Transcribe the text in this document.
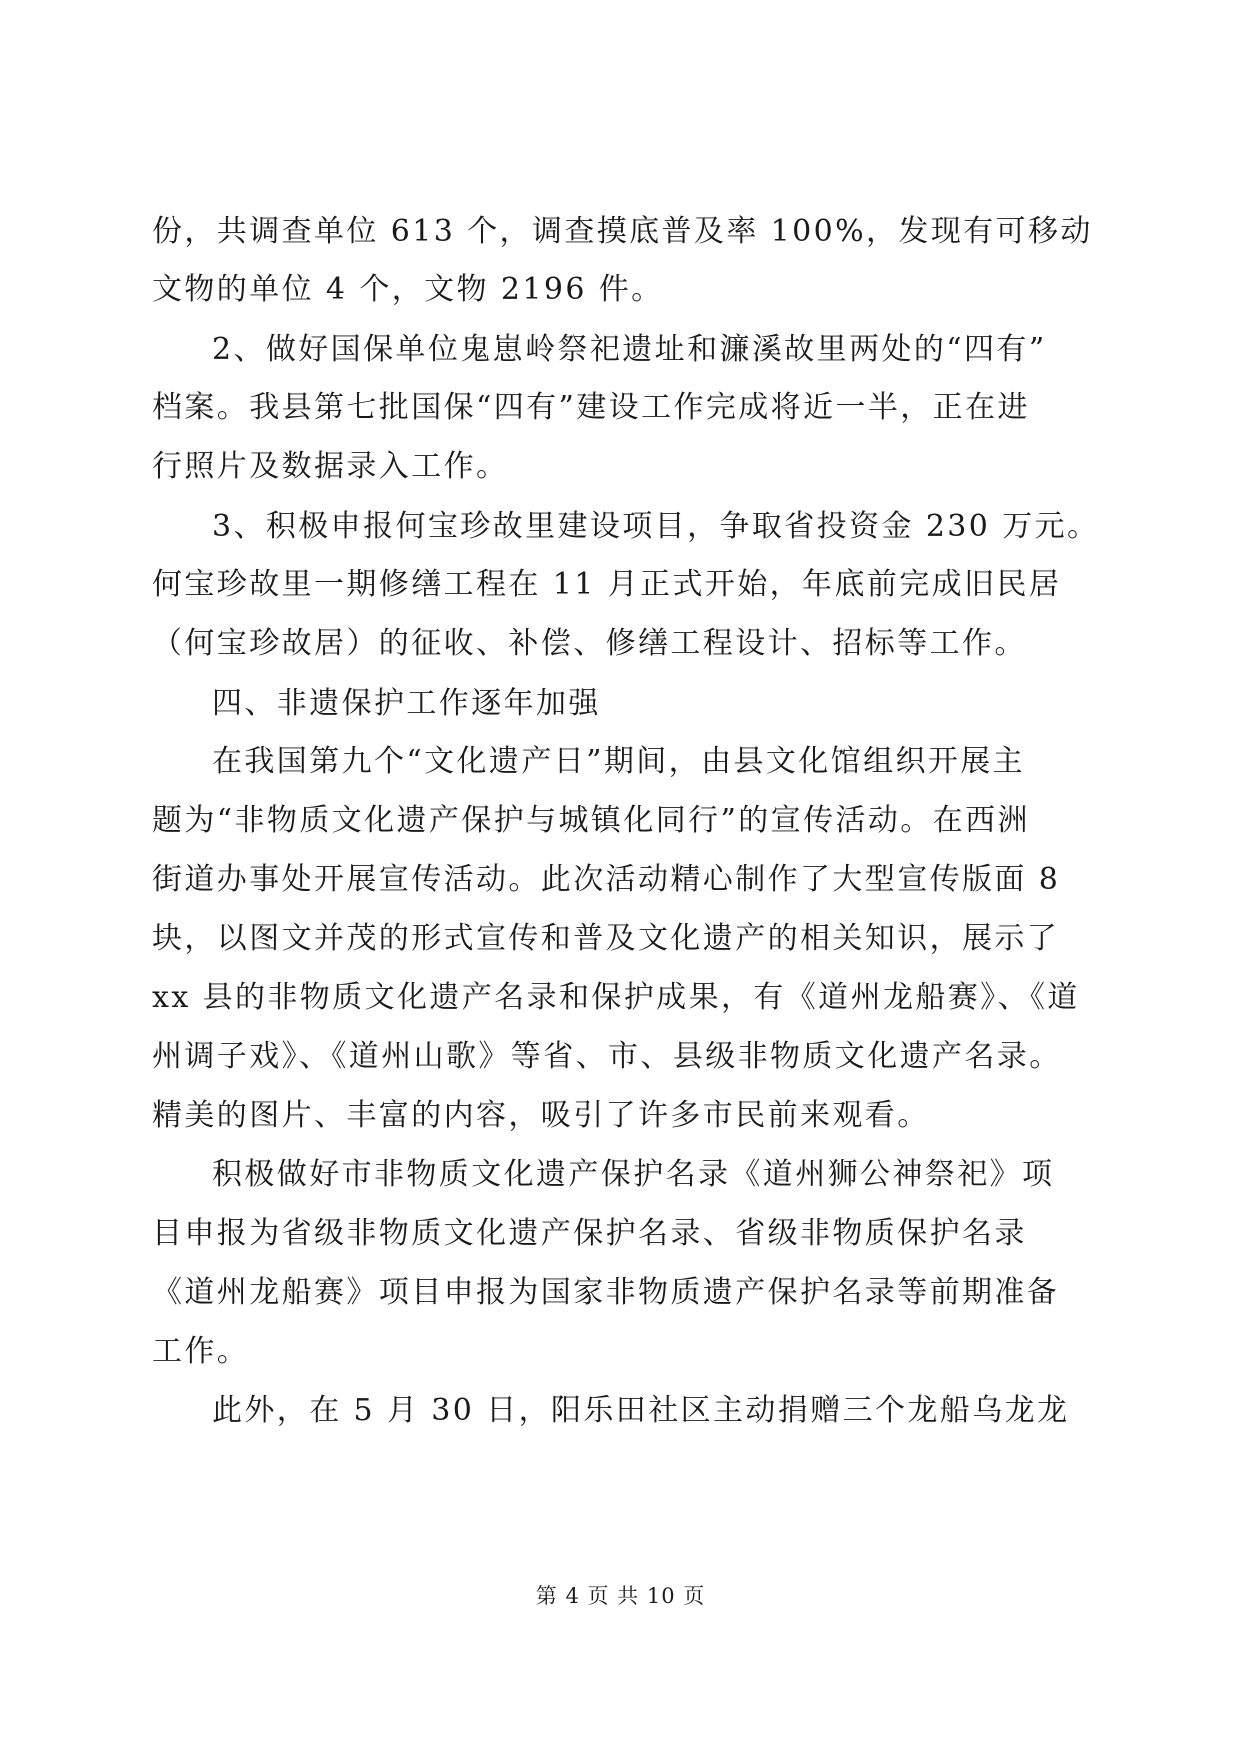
份，共调查单位 613 个，调查摸底普及率 100%，发现有可移动
文物的单位 4 个，文物 2196 件。
2、做好国保单位鬼崽岭祭祀遗址和濂溪故里两处的“四有”
档案。我县第七批国保“四有”建设工作完成将近一半，正在进
行照片及数据录入工作。
3、积极申报何宝珍故里建设项目，争取省投资金 230 万元。
何宝珍故里一期修缮工程在 11 月正式开始，年底前完成旧民居
（何宝珍故居）的征收、补偿、修缮工程设计、招标等工作。
四、非遗保护工作逐年加强
在我国第九个“文化遗产日”期间，由县文化馆组织开展主
题为“非物质文化遗产保护与城镇化同行”的宣传活动。在西洲
街道办事处开展宣传活动。此次活动精心制作了大型宣传版面 8
块，以图文并茂的形式宣传和普及文化遗产的相关知识，展示了
xx 县的非物质文化遗产名录和保护成果，有《道州龙船赛》、《道
州调子戏》、《道州山歌》等省、市、县级非物质文化遗产名录。
精美的图片、丰富的内容，吸引了许多市民前来观看。
积极做好市非物质文化遗产保护名录《道州狮公神祭祀》项
目申报为省级非物质文化遗产保护名录、省级非物质保护名录
《道州龙船赛》项目申报为国家非物质遗产保护名录等前期准备
工作。
此外，在 5 月 30 日，阳乐田社区主动捐赠三个龙船乌龙龙
第 4 页 共 10 页
